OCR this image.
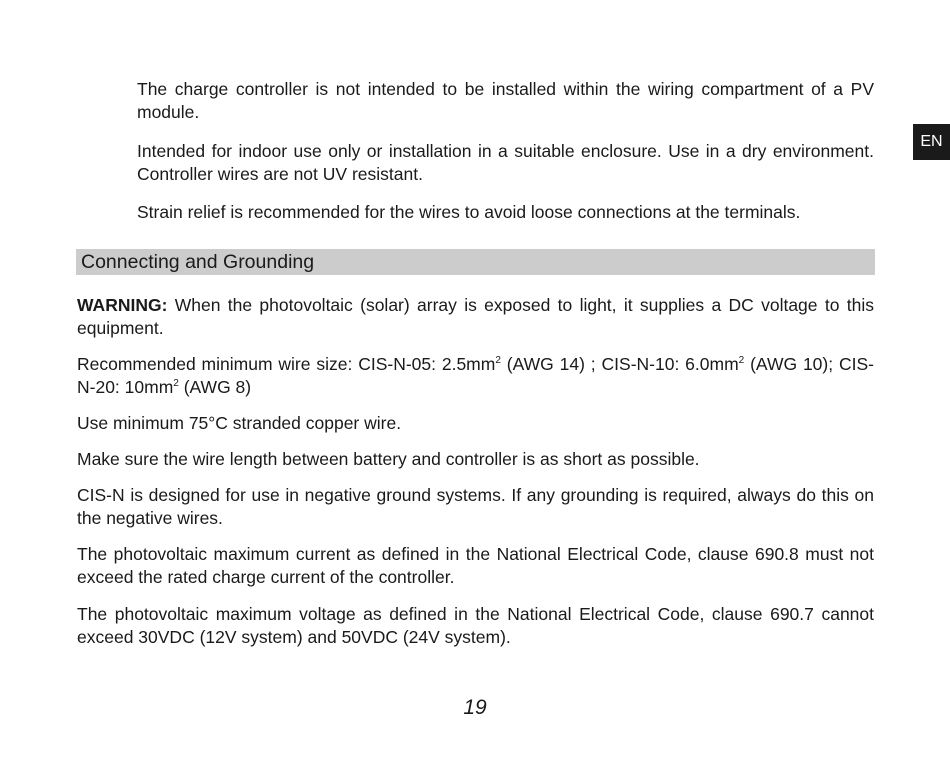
EN

The charge controller is not intended to be installed within the wiring compartment of a PV module.

Intended for indoor use only or installation in a suitable enclosure. Use in a dry environment. Controller wires are not UV resistant.

Strain relief is recommended for the wires to avoid loose connections at the terminals.

Connecting and Grounding

WARNING: When the photovoltaic (solar) array is exposed to light, it supplies a DC voltage to this equipment.

Recommended minimum wire size: CIS-N-05: $2.5mm^2$ (AWG 14) ; CIS-N-10: $6.0mm^2$ (AWG 10); CIS-N-20: $10mm^2$ (AWG 8)

Use minimum 75°C stranded copper wire.

Make sure the wire length between battery and controller is as short as possible.

CIS-N is designed for use in negative ground systems. If any grounding is required, always do this on the negative wires.

The photovoltaic maximum current as defined in the National Electrical Code, clause 690.8 must not exceed the rated charge current of the controller.

The photovoltaic maximum voltage as defined in the National Electrical Code, clause 690.7 cannot exceed 30VDC (12V system) and 50VDC (24V system).

19
